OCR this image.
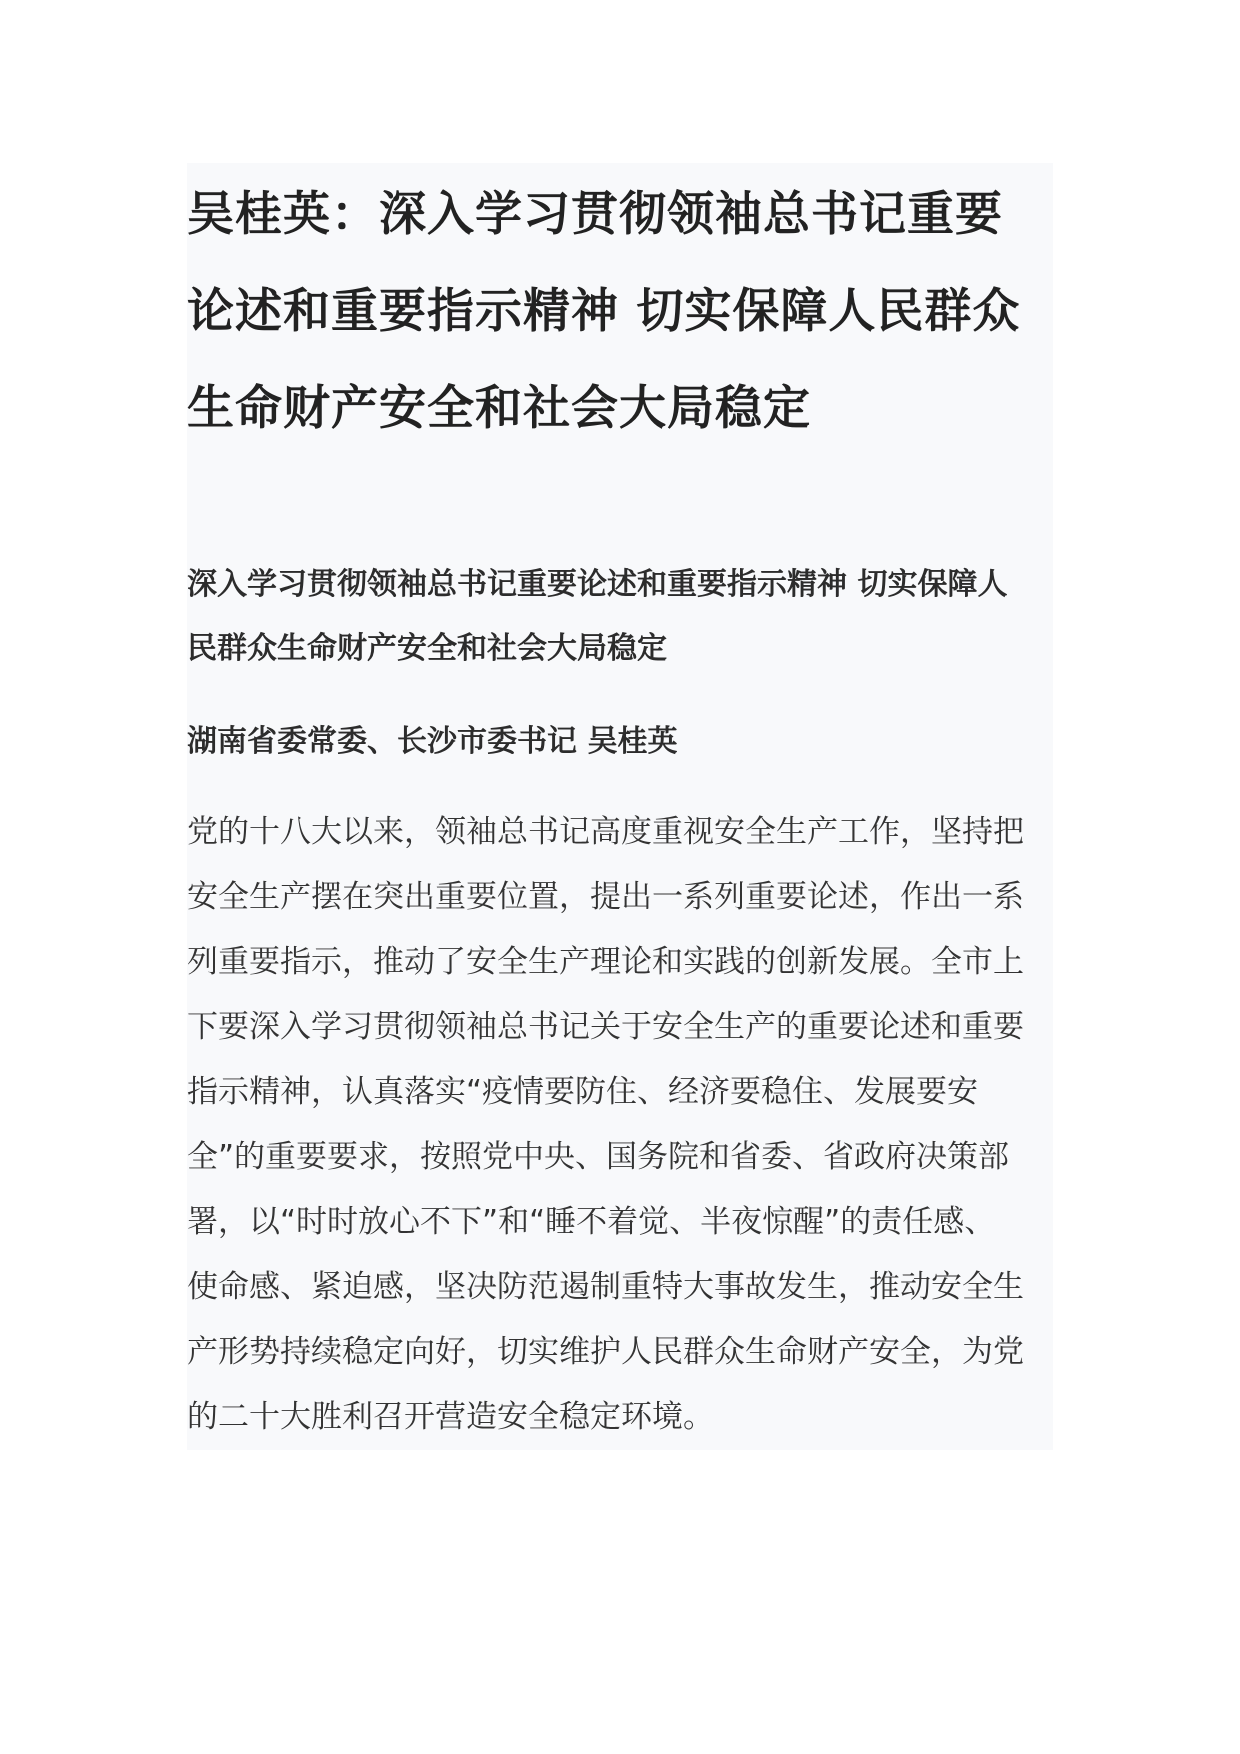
吴桂英：深入学习贯彻领袖总书记重要
论述和重要指示精神 切实保障人民群众
生命财产安全和社会大局稳定
深入学习贯彻领袖总书记重要论述和重要指示精神 切实保障人
民群众生命财产安全和社会大局稳定

湖南省委常委、长沙市委书记 吴桂英

党的十八大以来，领袖总书记高度重视安全生产工作，坚持把
安全生产摆在突出重要位置，提出一系列重要论述，作出一系
列重要指示，推动了安全生产理论和实践的创新发展。全市上
下要深入学习贯彻领袖总书记关于安全生产的重要论述和重要
指示精神，认真落实“疫情要防住、经济要稳住、发展要安
全”的重要要求，按照党中央、国务院和省委、省政府决策部
署，以“时时放心不下”和“睡不着觉、半夜惊醒”的责任感、
使命感、紧迫感，坚决防范遏制重特大事故发生，推动安全生
产形势持续稳定向好，切实维护人民群众生命财产安全，为党
的二十大胜利召开营造安全稳定环境。
